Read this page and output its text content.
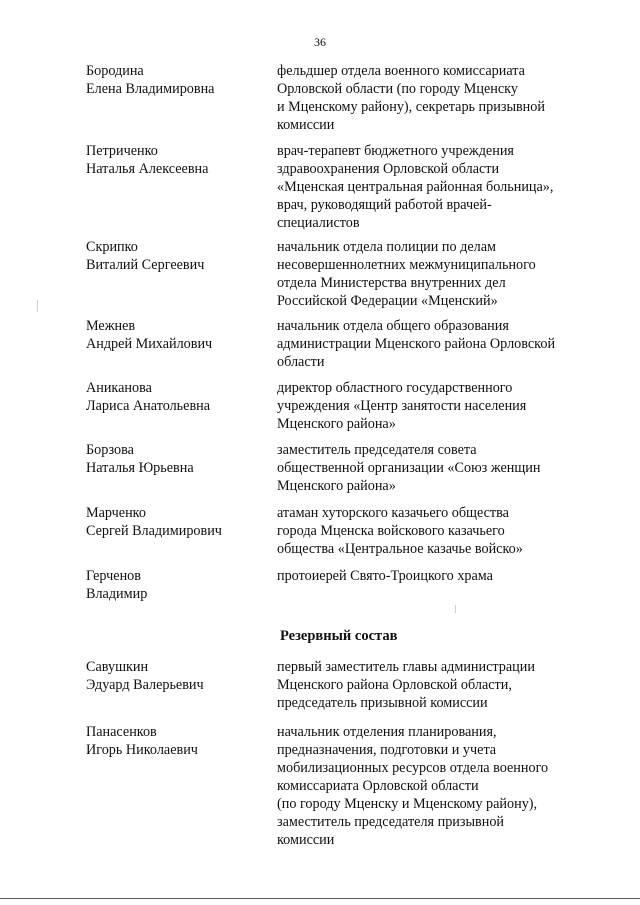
36
Бородина
Елена Владимировна
фельдшер отдела военного комиссариата
Орловской области (по городу Мценску
и Мценскому району), секретарь призывной
комиссии
Петриченко
Наталья Алексеевна
врач-терапевт бюджетного учреждения
здравоохранения Орловской области
«Мценская центральная районная больница»,
врач, руководящий работой врачей-
специалистов
Скрипко
Виталий Сергеевич
начальник отдела полиции по делам
несовершеннолетних межмуниципального
отдела Министерства внутренних дел
Российской Федерации «Мценский»
Межнев
Андрей Михайлович
начальник отдела общего образования
администрации Мценского района Орловской
области
Аниканова
Лариса Анатольевна
директор областного государственного
учреждения «Центр занятости населения
Мценского района»
Борзова
Наталья Юрьевна
заместитель председателя совета
общественной организации «Союз женщин
Мценского района»
Марченко
Сергей Владимирович
атаман хуторского казачьего общества
города Мценска войскового казачьего
общества «Центральное казачье войско»
Герченов
Владимир
протоиерей Свято-Троицкого храма
Резервный состав
Савушкин
Эдуард Валерьевич
первый заместитель главы администрации
Мценского района Орловской области,
председатель призывной комиссии
Панасенков
Игорь Николаевич
начальник отделения планирования,
предназначения, подготовки и учета
мобилизационных ресурсов отдела военного
комиссариата Орловской области
(по городу Мценску и Мценскому району),
заместитель председателя призывной
комиссии
